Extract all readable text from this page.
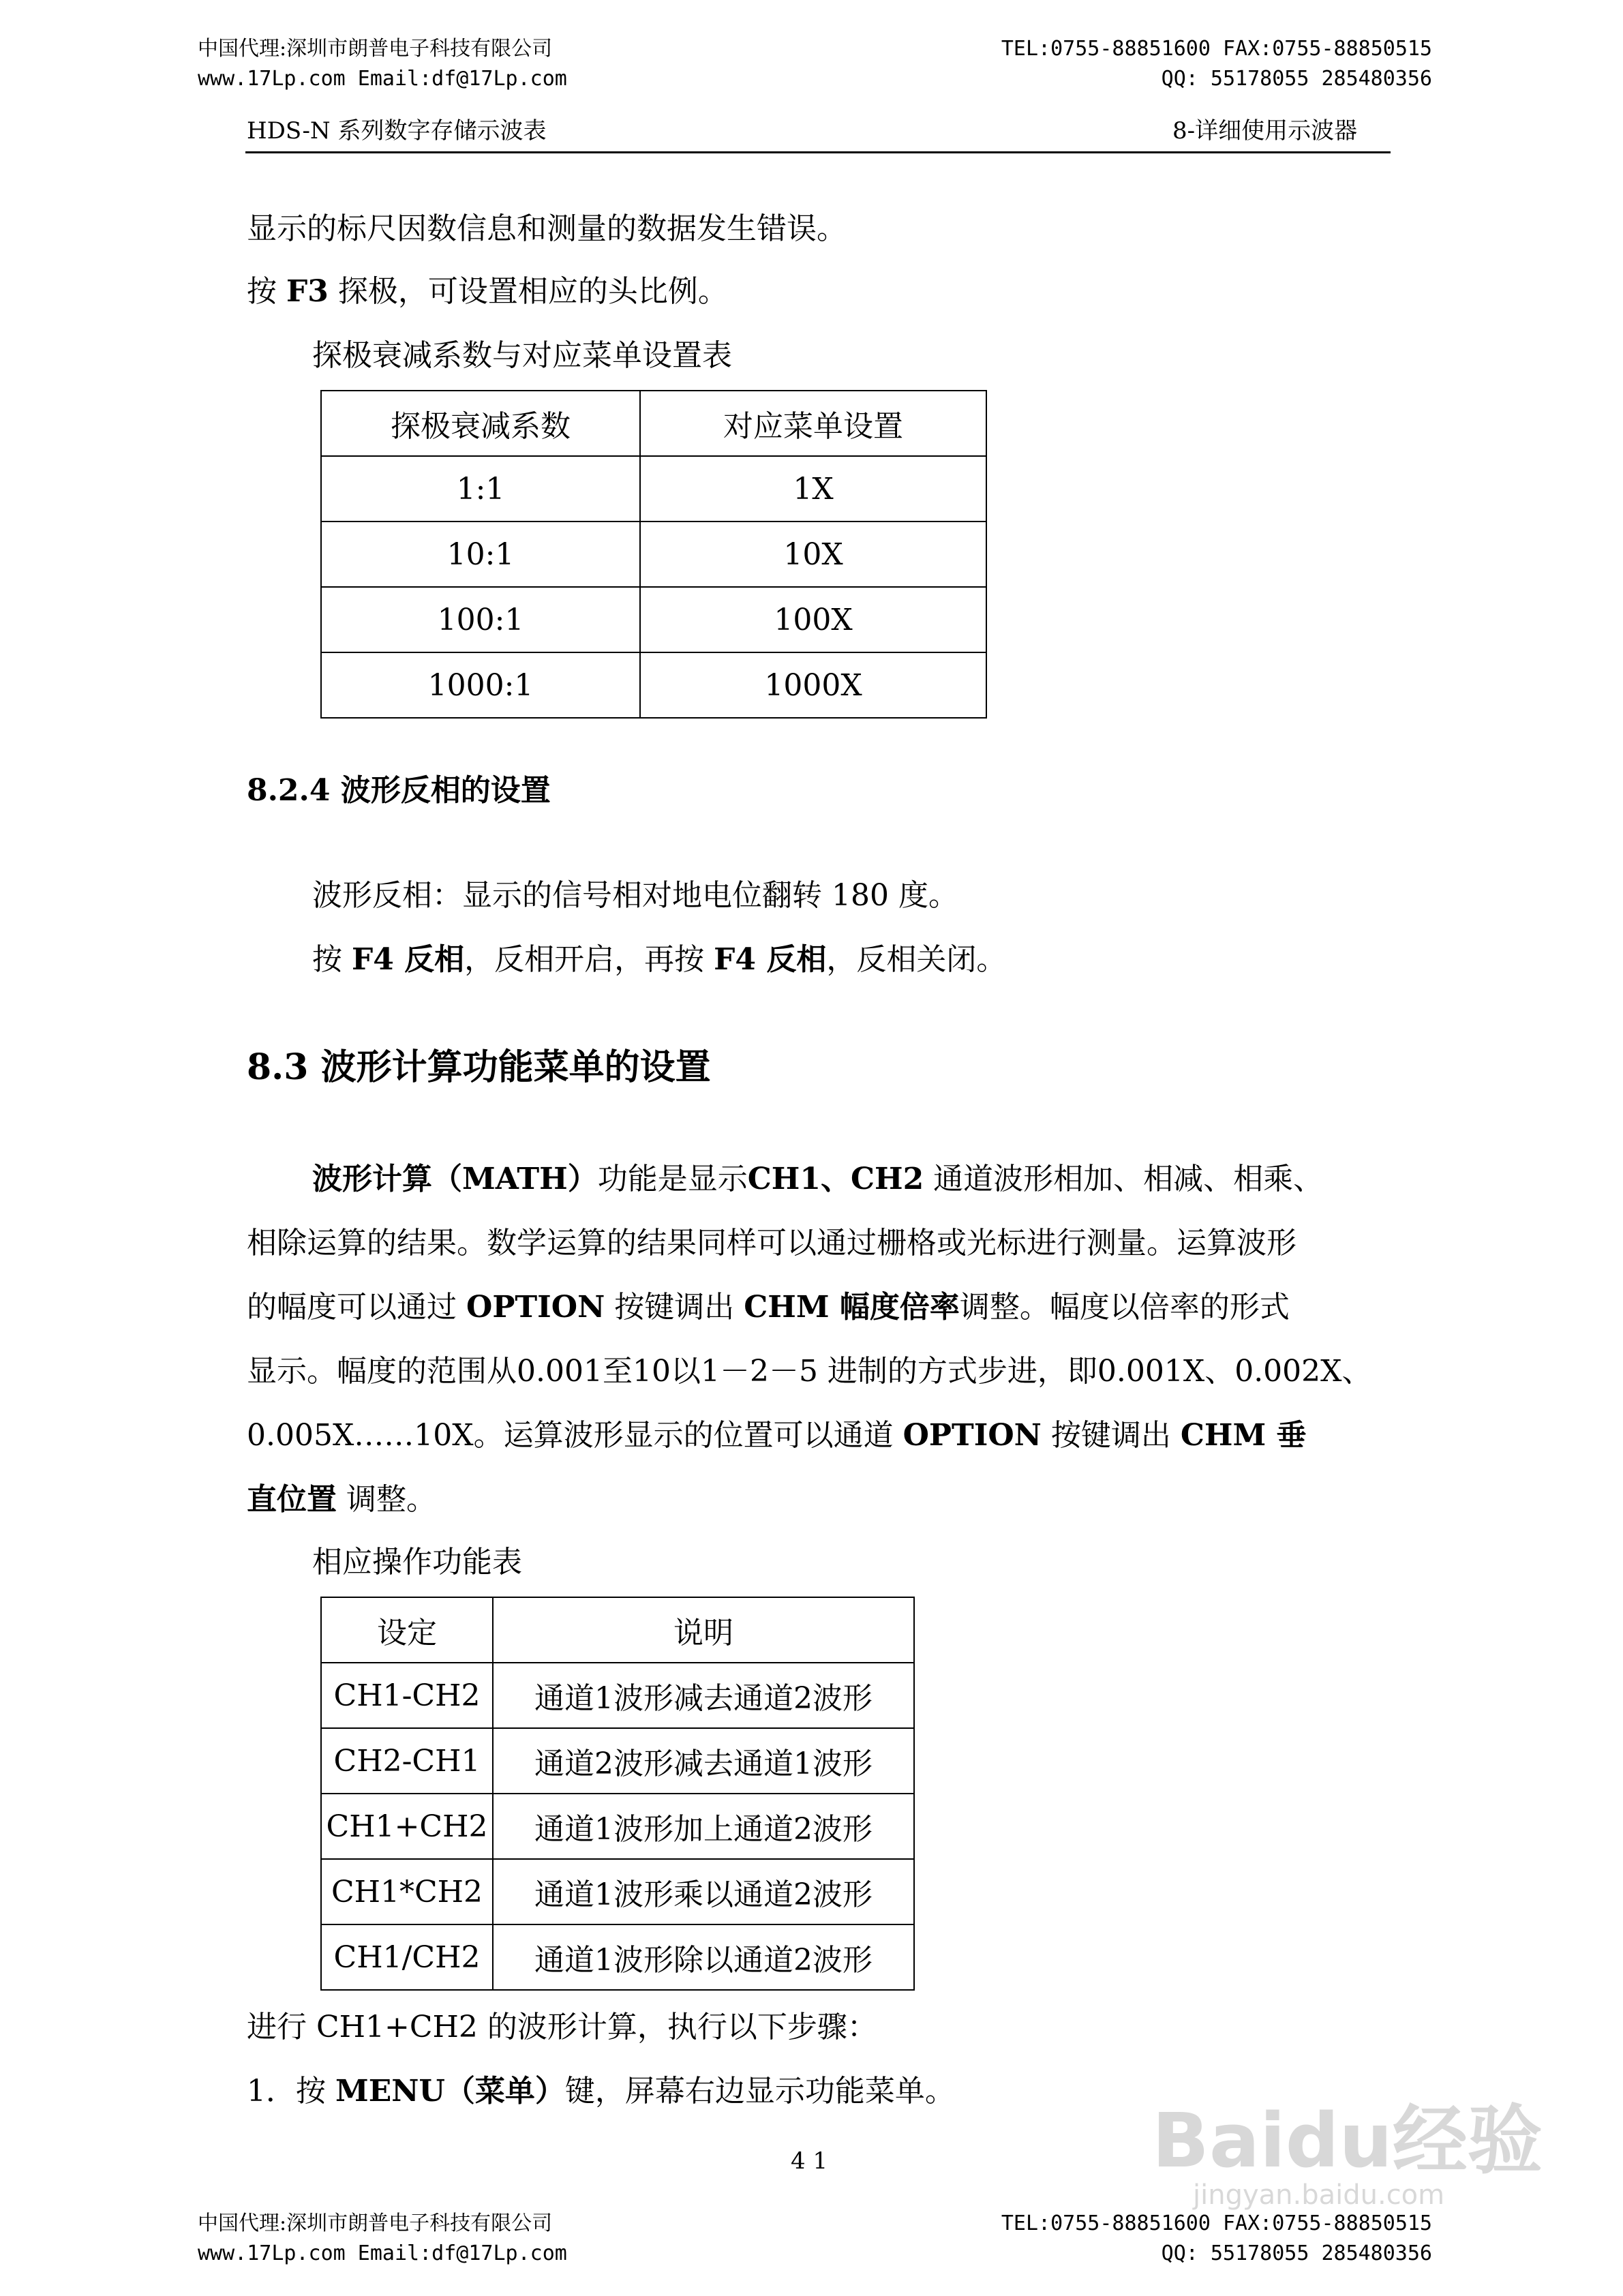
中国代理:深圳市朗普电子科技有限公司
www.17Lp.com Email:df@17Lp.com
TEL:0755-88851600 FAX:0755-88850515
QQ: 55178055 285480356
HDS-N 系列数字存储示波表	8-详细使用示波器
显示的标尺因数信息和测量的数据发生错误。
按 F3 探极，可设置相应的头比例。
探极衰减系数与对应菜单设置表
探极衰减系数	对应菜单设置
1:1	1X
10:1	10X
100:1	100X
1000:1	1000X
8.2.4 波形反相的设置
波形反相：显示的信号相对地电位翻转 180 度。
按 F4 反相，反相开启，再按 F4 反相，反相关闭。
8.3 波形计算功能菜单的设置
波形计算（MATH）功能是显示CH1、CH2 通道波形相加、相减、相乘、
相除运算的结果。数学运算的结果同样可以通过栅格或光标进行测量。运算波形
的幅度可以通过 OPTION 按键调出 CHM 幅度倍率调整。幅度以倍率的形式
显示。幅度的范围从0.001至10以1－2－5 进制的方式步进，即0.001X、0.002X、
0.005X……10X。运算波形显示的位置可以通道 OPTION 按键调出 CHM 垂
直位置 调整。
相应操作功能表
设定	说明
CH1-CH2	通道1波形减去通道2波形
CH2-CH1	通道2波形减去通道1波形
CH1+CH2	通道1波形加上通道2波形
CH1*CH2	通道1波形乘以通道2波形
CH1/CH2	通道1波形除以通道2波形
进行 CH1+CH2 的波形计算，执行以下步骤：
1．按 MENU（菜单）键，屏幕右边显示功能菜单。
4 1	Baidu经验
jingyan.baidu.com
中国代理:深圳市朗普电子科技有限公司
www.17Lp.com Email:df@17Lp.com
TEL:0755-88851600 FAX:0755-88850515
QQ: 55178055 285480356
